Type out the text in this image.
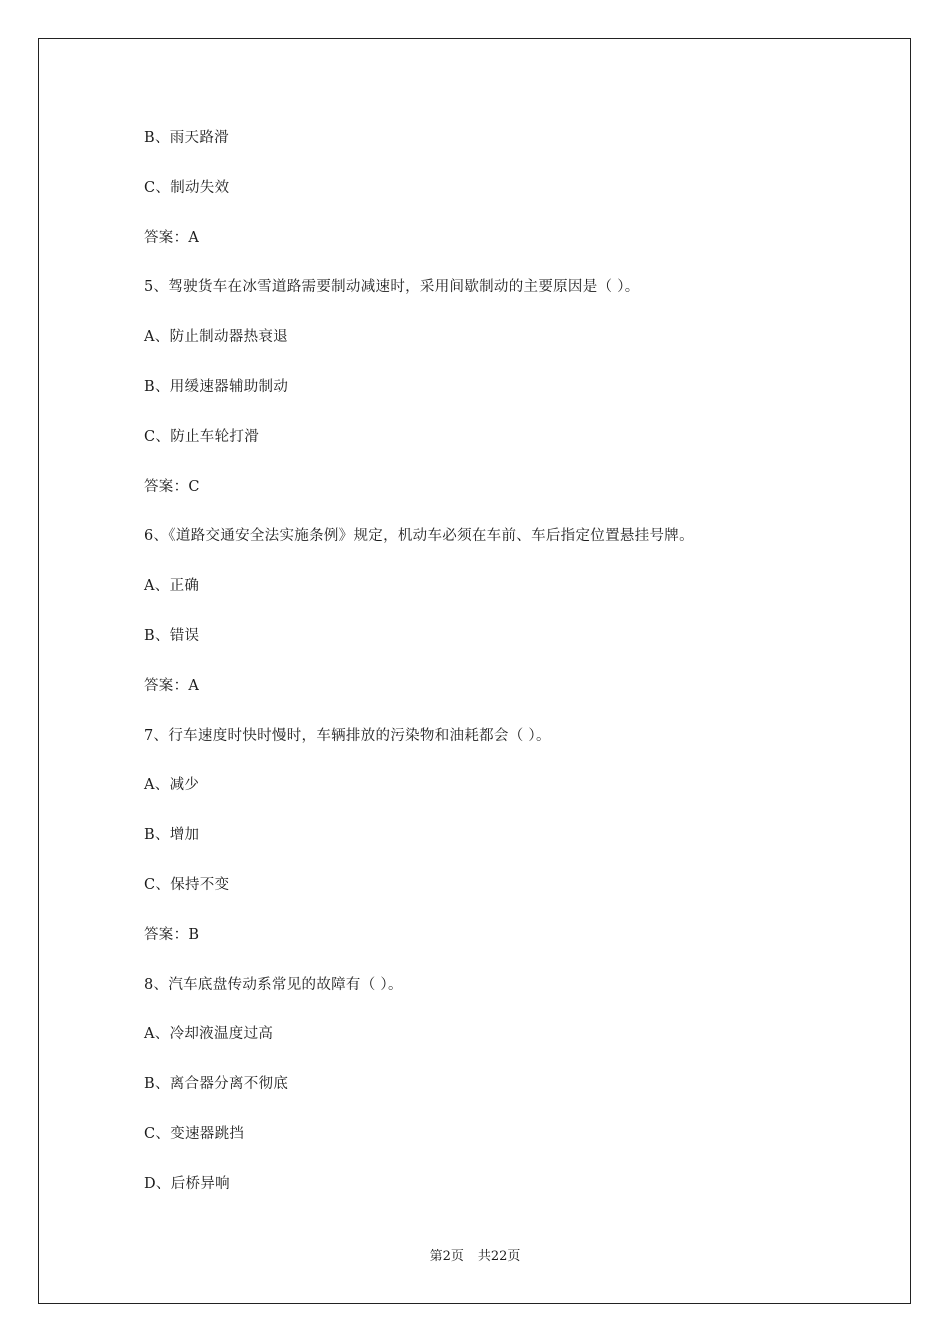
B、雨天路滑
C、制动失效
答案：A
5、驾驶货车在冰雪道路需要制动减速时，采用间歇制动的主要原因是（ ）。
A、防止制动器热衰退
B、用缓速器辅助制动
C、防止车轮打滑
答案：C
6、《道路交通安全法实施条例》规定，机动车必须在车前、车后指定位置悬挂号牌。
A、正确
B、错误
答案：A
7、行车速度时快时慢时，车辆排放的污染物和油耗都会（ ）。
A、减少
B、增加
C、保持不变
答案：B
8、汽车底盘传动系常见的故障有（ ）。
A、冷却液温度过高
B、离合器分离不彻底
C、变速器跳挡
D、后桥异响
第2页 共22页
